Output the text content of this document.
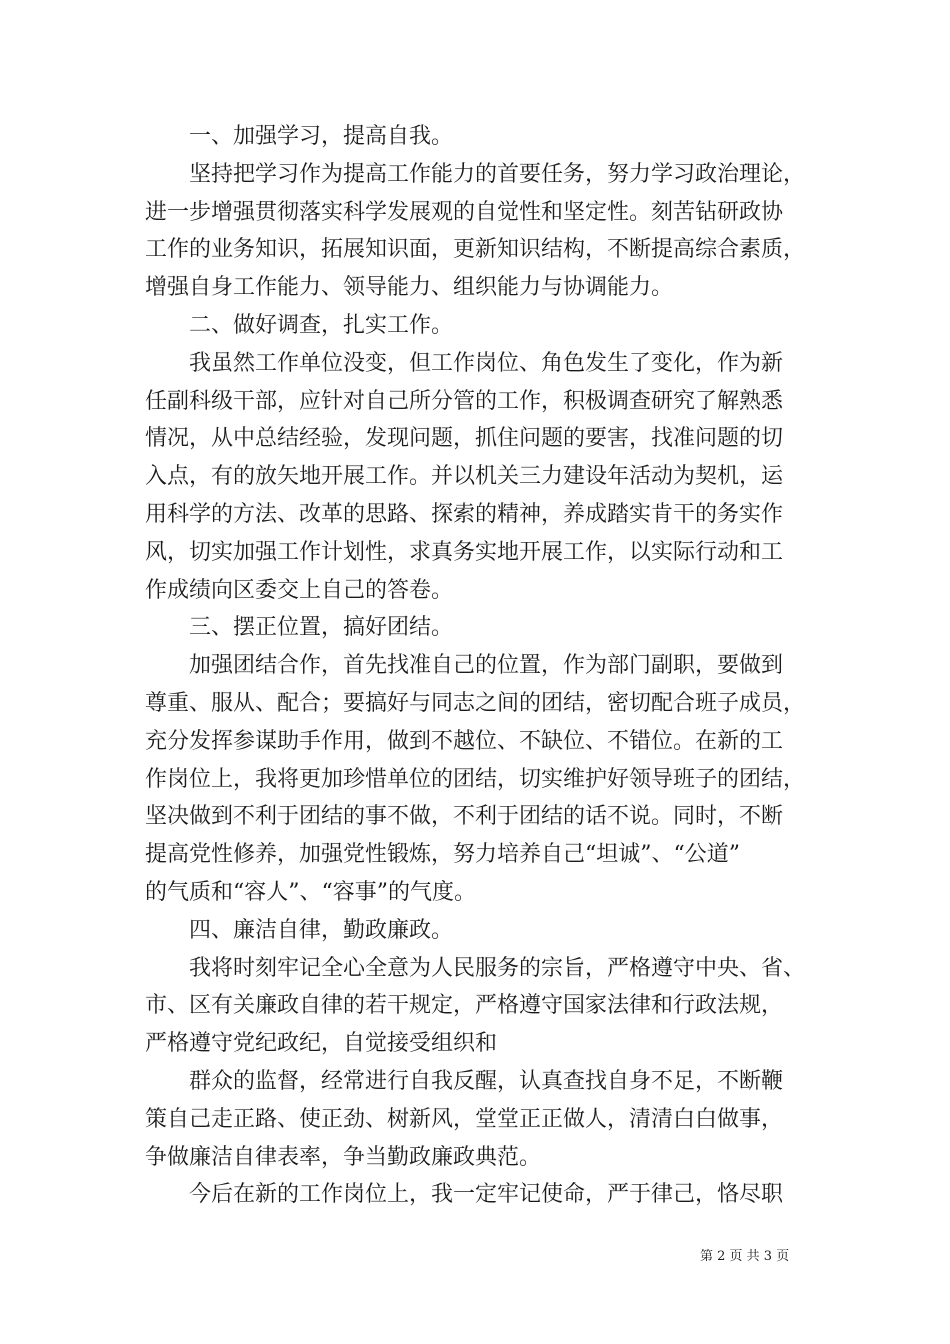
一、加强学习，提高自我。
坚持把学习作为提高工作能力的首要任务，努力学习政治理论，
进一步增强贯彻落实科学发展观的自觉性和坚定性。刻苦钻研政协
工作的业务知识，拓展知识面，更新知识结构，不断提高综合素质，
增强自身工作能力、领导能力、组织能力与协调能力。
二、做好调查，扎实工作。
我虽然工作单位没变，但工作岗位、角色发生了变化，作为新
任副科级干部，应针对自己所分管的工作，积极调查研究了解熟悉
情况，从中总结经验，发现问题，抓住问题的要害，找准问题的切
入点，有的放矢地开展工作。并以机关三力建设年活动为契机，运
用科学的方法、改革的思路、探索的精神，养成踏实肯干的务实作
风，切实加强工作计划性，求真务实地开展工作，以实际行动和工
作成绩向区委交上自己的答卷。
三、摆正位置，搞好团结。
加强团结合作，首先找准自己的位置，作为部门副职，要做到
尊重、服从、配合；要搞好与同志之间的团结，密切配合班子成员，
充分发挥参谋助手作用，做到不越位、不缺位、不错位。在新的工
作岗位上，我将更加珍惜单位的团结，切实维护好领导班子的团结，
坚决做到不利于团结的事不做，不利于团结的话不说。同时，不断
提高党性修养，加强党性锻炼，努力培养自己“坦诚”、“公道”
的气质和“容人”、“容事”的气度。
四、廉洁自律，勤政廉政。
我将时刻牢记全心全意为人民服务的宗旨，严格遵守中央、省、
市、区有关廉政自律的若干规定，严格遵守国家法律和行政法规，
严格遵守党纪政纪，自觉接受组织和
群众的监督，经常进行自我反醒，认真查找自身不足，不断鞭
策自己走正路、使正劲、树新风，堂堂正正做人，清清白白做事，
争做廉洁自律表率，争当勤政廉政典范。
今后在新的工作岗位上，我一定牢记使命，严于律己，恪尽职
第 2 页 共 3 页
